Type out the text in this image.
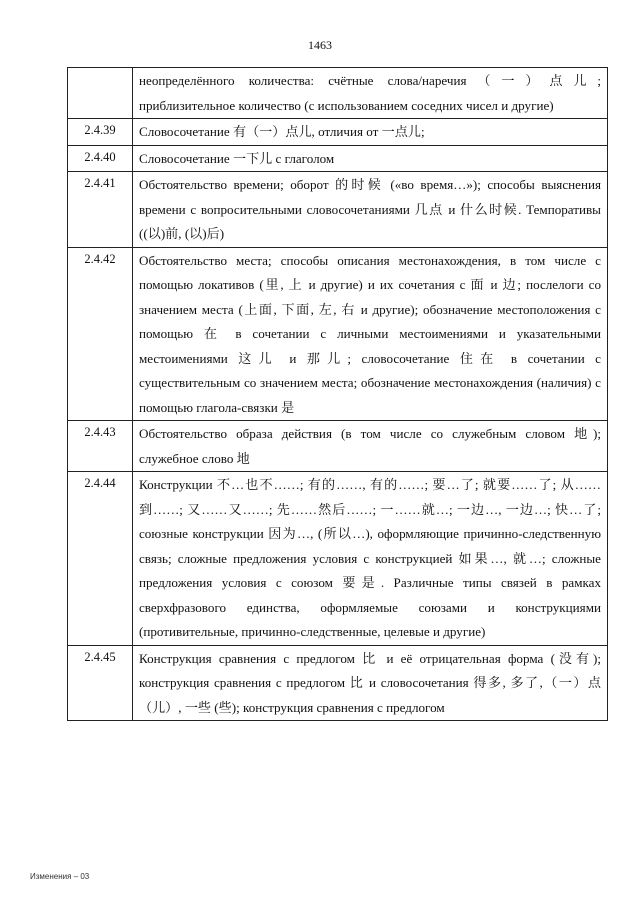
1463
	неопределённого количества: счётные слова/наречия（一）点儿; приблизительное количество (с использованием соседних чисел и другие)
2.4.39	Словосочетание 有（一）点儿, отличия от 一点儿;
2.4.40	Словосочетание 一下儿 с глаголом
2.4.41	Обстоятельство времени; оборот 的时候 («во время…»); способы выяснения времени с вопросительными словосочетаниями 几点 и 什么时候. Темпоративы ((以)前, (以)后)
2.4.42	Обстоятельство места; способы описания местонахождения, в том числе с помощью локативов (里, 上 и другие) и их сочетания с 面 и 边; послелоги со значением места (上面, 下面, 左, 右 и другие); обозначение местоположения с помощью 在 в сочетании с личными местоимениями и указательными местоимениями 这儿 и 那儿; словосочетание 住在 в сочетании с существительным со значением места; обозначение местонахождения (наличия) с помощью глагола-связки 是
2.4.43	Обстоятельство образа действия (в том числе со служебным словом 地); служебное слово 地
2.4.44	Конструкции 不…也不……; 有的……, 有的……; 要…了; 就要……了; 从……到……; 又……又……; 先……然后……; 一……就…; 一边…, 一边…; 快…了; союзные конструкции 因为…, (所以…), оформляющие причинно-следственную связь; сложные предложения условия с конструкцией 如果…, 就…; сложные предложения условия с союзом 要是. Различные типы связей в рамках сверхфразового единства, оформляемые союзами и конструкциями (противительные, причинно-следственные, целевые и другие)
2.4.45	Конструкция сравнения с предлогом 比 и её отрицательная форма (没有); конструкция сравнения с предлогом 比 и словосочетания 得多, 多了,（一）点（儿）, 一些 (些); конструкция сравнения с предлогом
Изменения – 03
